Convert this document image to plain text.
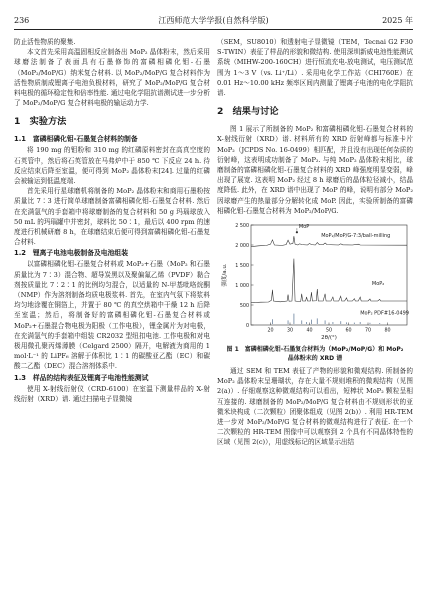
236	江西师范大学学报(自然科学版)	2025 年

防止活性物质的聚集.

本文首先采用高温固相反应制备出 MoP₂ 晶体粉末，然后采用球磨法制备了表面具有石墨修饰的富磷相磷化钼-石墨（MoP₂/MoP/G）纳米复合材料. 以 MoP₂/MoP/G 复合材料作为活性物质制成锂离子电池负极材料，研究了 MoP₂/MoP/G 复合材料电极的循环稳定性和倍率性能. 通过电化学阻抗谱测试进一步分析了 MoP₂/MoP/G 复合材料电极的输运动力学.

1　实验方法
1.1　富磷相磷化钼-石墨复合材料的制备

将 190 mg 的钼粉和 310 mg 的红磷原料密封在高真空度的石英管中，然后将石英管放在马弗炉中于 850 ℃ 下反应 24 h. 待反应结束后降至室温，便可得到 MoP₂ 晶体粉末[24]. 过量的红磷会被输运到低温度端.

首先采用行星球磨机将制备的 MoP₂ 晶体粉末和商用石墨粉按质量比 7∶3 进行简单球磨制备富磷相磷化钼-石墨复合材料. 然后在充满氩气的手套箱中将球磨制备的复合材料和 50 g 玛瑙球放入 50 mL 的玛瑙罐中并密封，球料比 50∶1，最后以 400 rpm 的速度进行机械研磨 8 h，在球磨结束后便可得到富磷相磷化钼-石墨复合材料.

1.2　锂离子电池电极制备及电池组装

以富磷相磷化钼-石墨复合材料或 MoP₂+石墨（MoP₂ 和石墨质量比为 7∶3）混合物、超导炭黑以及聚偏氟乙烯（PVDF）黏合剂按质量比 7∶2∶1 的比例均匀混合，以适量的 N-甲基吡咯烷酮（NMP）作为溶剂制备均质电极浆料. 首先，在室内气氛下将浆料均匀地涂覆在铜箔上，并置于 80 ℃ 的真空烘箱中干燥 12 h 后降至室温；然后，将制备好的富磷相磷化钼-石墨复合材料或 MoP₂+石墨混合物电极为阳极（工作电极），锂金属片为对电极，在充满氩气的手套箱中组装 CR2032 型纽扣电池. 工作电极和对电极用微孔聚丙烯薄膜（Celgard 2500）隔开，电解液为商用的 1 mol·L⁻¹ 的 LiPF₆ 溶解于体积比 1∶1 的碳酸亚乙酯（EC）和碳酸二乙酯（DEC）混合溶剂体系中.

1.3　样品的结构表征及锂离子电池性能测试

使用 X-射线衍射仪（CRD-6100）在室温下测量样品的 X-射线衍射（XRD）谱. 通过扫描电子显微镜

（SEM，SU8010）和透射电子显微镜（TEM，Tecnai G2 F30 S-TWIN）表征了样品的形貌和微结构. 使用深圳新威电池性能测试系统（MIHW-200-160CH）进行恒流充电-放电测试，电压测试范围为 1～3 V（vs. Li⁺/Li）. 采用电化学工作站（CHI760E）在 0.01 Hz～10.00 kHz 频率区间内测量了锂离子电池的电化学阻抗谱.

2　结果与讨论

图 1 展示了所制备的 MoP₂ 和富磷相磷化钼-石墨复合材料的 X-射线衍射（XRD）谱. 材料所有的 XRD 衍射峰都与标准卡片 MoP₂（JCPDS No. 16-0499）相匹配，并且没有出现任何杂质的衍射峰，这表明成功制备了 MoP₂. 与纯 MoP₂ 晶体粉末相比，球磨制备的富磷相磷化钼-石墨复合材料的 XRD 峰强度明显变弱，峰出现了展宽. 这表明 MoP₂ 经过 8 h 球磨后的晶体粒径减小，结晶度降低. 此外，在 XRD 谱中出现了 MoP 的峰，说明有部分 MoP₂ 因球磨产生的热量部分分解转化成 MoP. 因此，实验所制备的富磷相磷化钼-石墨复合材料为 MoP₂/MoP/G.

0
500
1 000
1 500
2 000
2 500
20	30	40	50	60	70	80
MoP₂/MoP/G-7:3/ball-milling
MoP₂
MoP₂ PDF#16-0499
MoP
2θ/(°)
强度/a.u.
图 1　富磷相磷化钼-石墨复合材料为（MoP₂/MoP/G）和 MoP₂ 晶体粉末的 XRD 谱

通过 SEM 和 TEM 表征了产物的形貌和微观结构. 所制备的 MoP₂ 晶体粉末呈珊瑚状，存在大量不规则堆积的微观结构（见图 2(a)）. 仔细观察这种微观结构可以看出，短棒状 MoP₂ 颗粒呈相互连接的. 球磨制备的 MoP₂/MoP/G 复合材料由不规则形状的亚微米块构成（二次颗粒）团聚体组成（见图 2(b)）. 利用 HR-TEM 进一步对 MoP₂/MoP/G 复合材料的微观结构进行了表征. 在一个二次颗粒的 HR-TEM 图像中可以观察到 2 个具有不同晶体特性的区域（见图 2(c)），用虚线标记的区域显示出结
